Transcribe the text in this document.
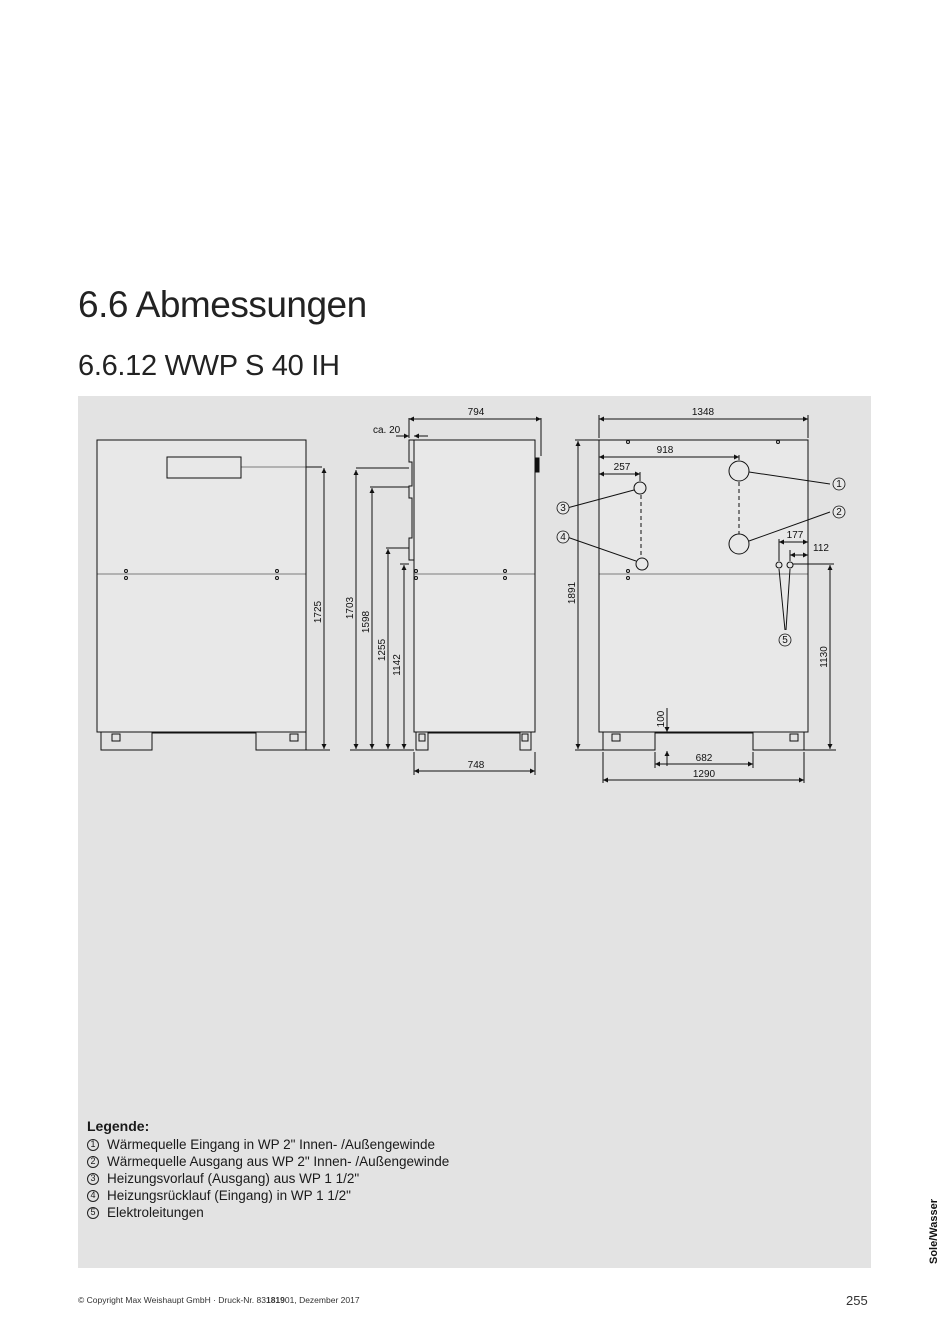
6.6 Abmessungen
6.6.12 WWP S 40 IH
1
2
3
4
5
794
ca. 20
1725 1703
1598
1255
1142
748
1348
918
257
177
112
1891
1130
100
682
1290
Legende:
1 Wärmequelle Eingang in WP 2" Innen- /Außengewinde
2 Wärmequelle Ausgang aus WP 2" Innen- /Außengewinde
3 Heizungsvorlauf (Ausgang) aus WP 1 1/2"
4 Heizungsrücklauf (Eingang) in WP 1 1/2"
5 Elektroleitungen
© Copyright Max Weishaupt GmbH · Druck-Nr. 83181901, Dezember 2017	255
Sole/Wasser
